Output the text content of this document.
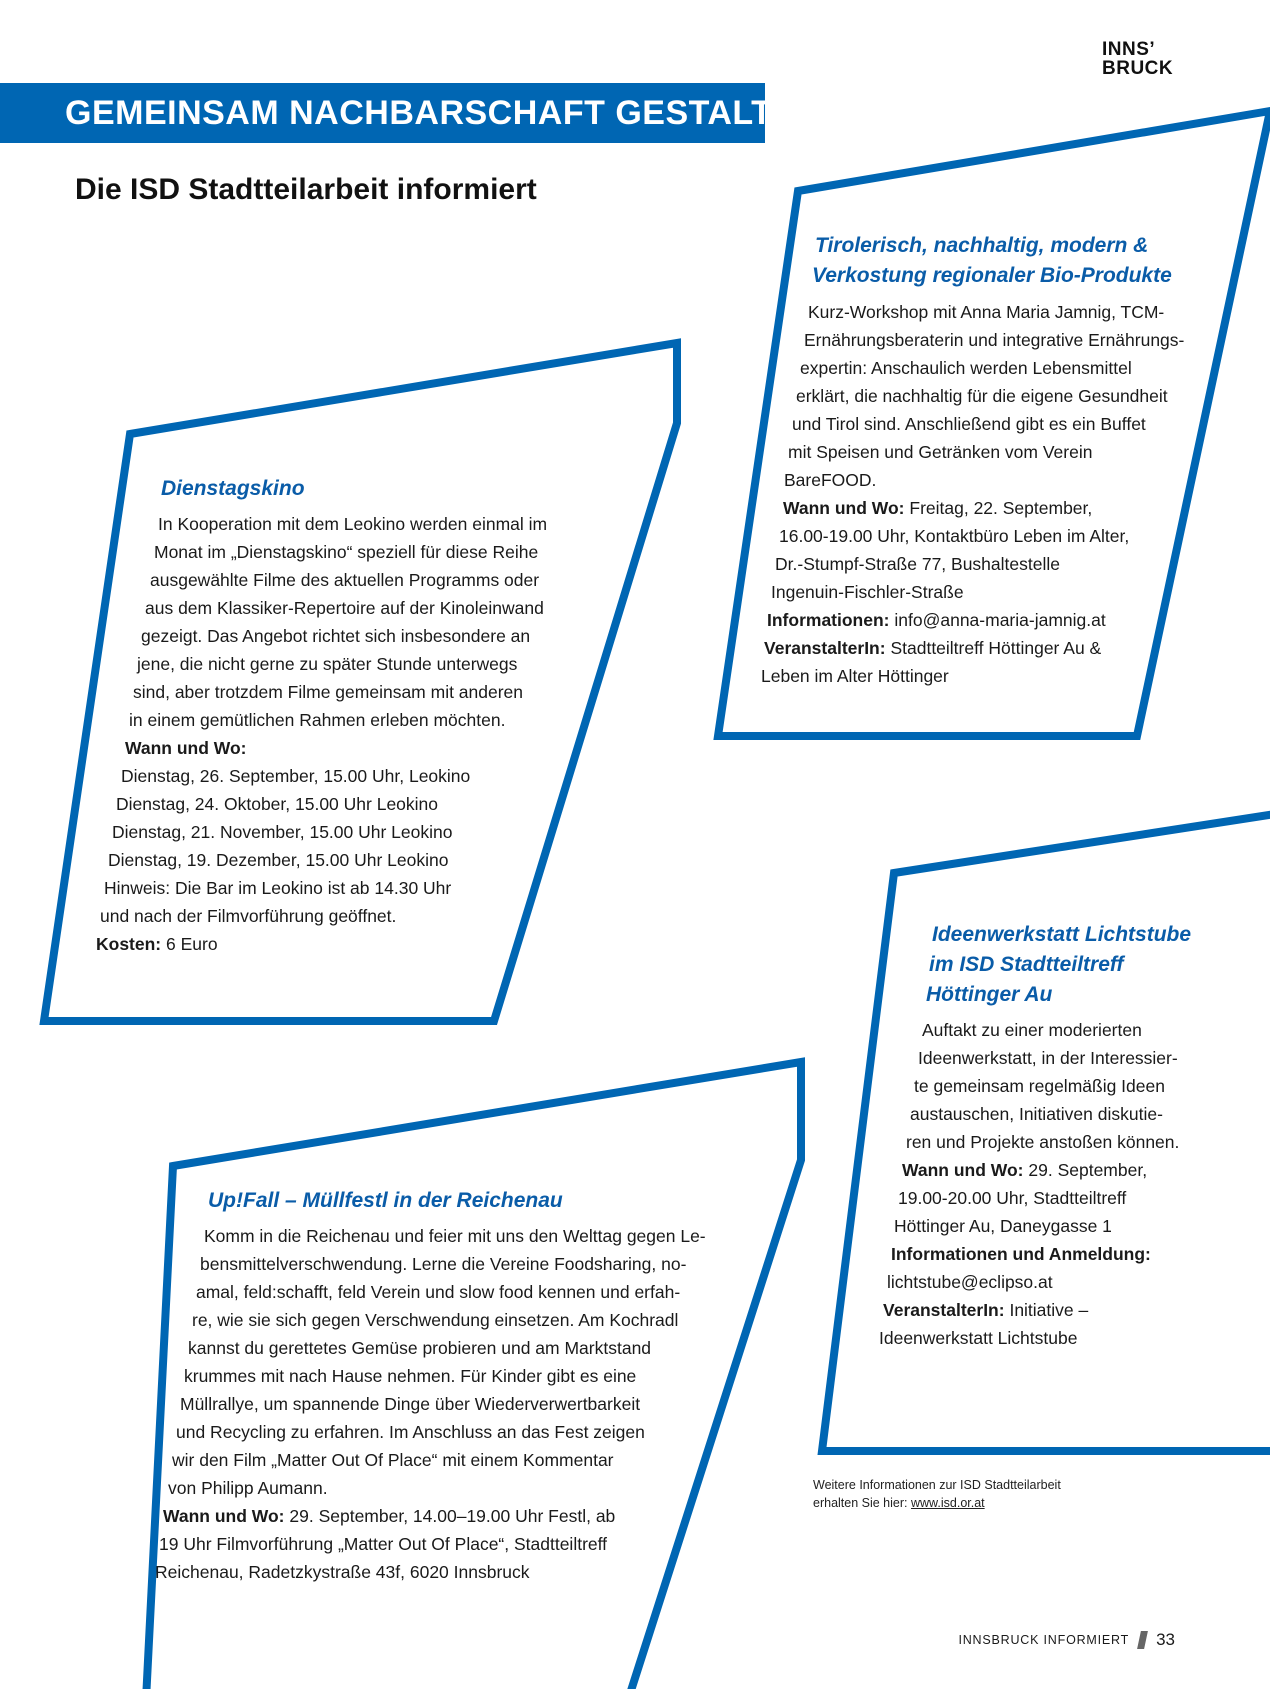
INNS’
BRUCK
GEMEINSAM NACHBARSCHAFT GESTALTEN
Die ISD Stadtteilarbeit informiert
Tirolerisch, nachhaltig, modern &
Verkostung regionaler Bio-Produkte
Kurz-Workshop mit Anna Maria Jamnig, TCM-
Ernährungsberaterin und integrative Ernährungs-
expertin: Anschaulich werden Lebensmittel
erklärt, die nachhaltig für die eigene Gesundheit
und Tirol sind. Anschließend gibt es ein Buffet
mit Speisen und Getränken vom Verein
BareFOOD.
Wann und Wo: Freitag, 22. September,
16.00-19.00 Uhr, Kontaktbüro Leben im Alter,
Dr.-Stumpf-Straße 77, Bushaltestelle
Ingenuin-Fischler-Straße
Informationen: info@anna-maria-jamnig.at
VeranstalterIn: Stadtteiltreff Höttinger Au &
Leben im Alter Höttinger
Dienstagskino
In Kooperation mit dem Leokino werden einmal im
Monat im „Dienstagskino“ speziell für diese Reihe
ausgewählte Filme des aktuellen Programms oder
aus dem Klassiker-Repertoire auf der Kinoleinwand
gezeigt. Das Angebot richtet sich insbesondere an
jene, die nicht gerne zu später Stunde unterwegs
sind, aber trotzdem Filme gemeinsam mit anderen
in einem gemütlichen Rahmen erleben möchten.
Wann und Wo:
Dienstag, 26. September, 15.00 Uhr, Leokino
Dienstag, 24. Oktober, 15.00 Uhr Leokino
Dienstag, 21. November, 15.00 Uhr Leokino
Dienstag, 19. Dezember, 15.00 Uhr Leokino
Hinweis: Die Bar im Leokino ist ab 14.30 Uhr
und nach der Filmvorführung geöffnet.
Kosten: 6 Euro	Ideenwerkstatt Lichtstube
im ISD Stadtteiltreff
Höttinger Au
Auftakt zu einer moderierten
Ideenwerkstatt, in der Interessier-
te gemeinsam regelmäßig Ideen
austauschen, Initiativen diskutie-
ren und Projekte anstoßen können.
Wann und Wo: 29. September,
19.00-20.00 Uhr, Stadtteiltreff
Höttinger Au, Daneygasse 1
Informationen und Anmeldung:
lichtstube@eclipso.at
VeranstalterIn: Initiative –
Ideenwerkstatt Lichtstube
Up!Fall – Müllfestl in der Reichenau
Komm in die Reichenau und feier mit uns den Welttag gegen Le-
bensmittelverschwendung. Lerne die Vereine Foodsharing, no-
amal, feld:schafft, feld Verein und slow food kennen und erfah-
re, wie sie sich gegen Verschwendung einsetzen. Am Kochradl
kannst du gerettetes Gemüse probieren und am Marktstand
krummes mit nach Hause nehmen. Für Kinder gibt es eine
Müllrallye, um spannende Dinge über Wiederverwertbarkeit
und Recycling zu erfahren. Im Anschluss an das Fest zeigen
wir den Film „Matter Out Of Place“ mit einem Kommentar
von Philipp Aumann.
Wann und Wo: 29. September, 14.00–19.00 Uhr Festl, ab
19 Uhr Filmvorführung „Matter Out Of Place“, Stadtteiltreff
Reichenau, Radetzkystraße 43f, 6020 Innsbruck
Weitere Informationen zur ISD Stadtteilarbeit
erhalten Sie hier: www.isd.or.at
INNSBRUCK INFORMIERT 33
